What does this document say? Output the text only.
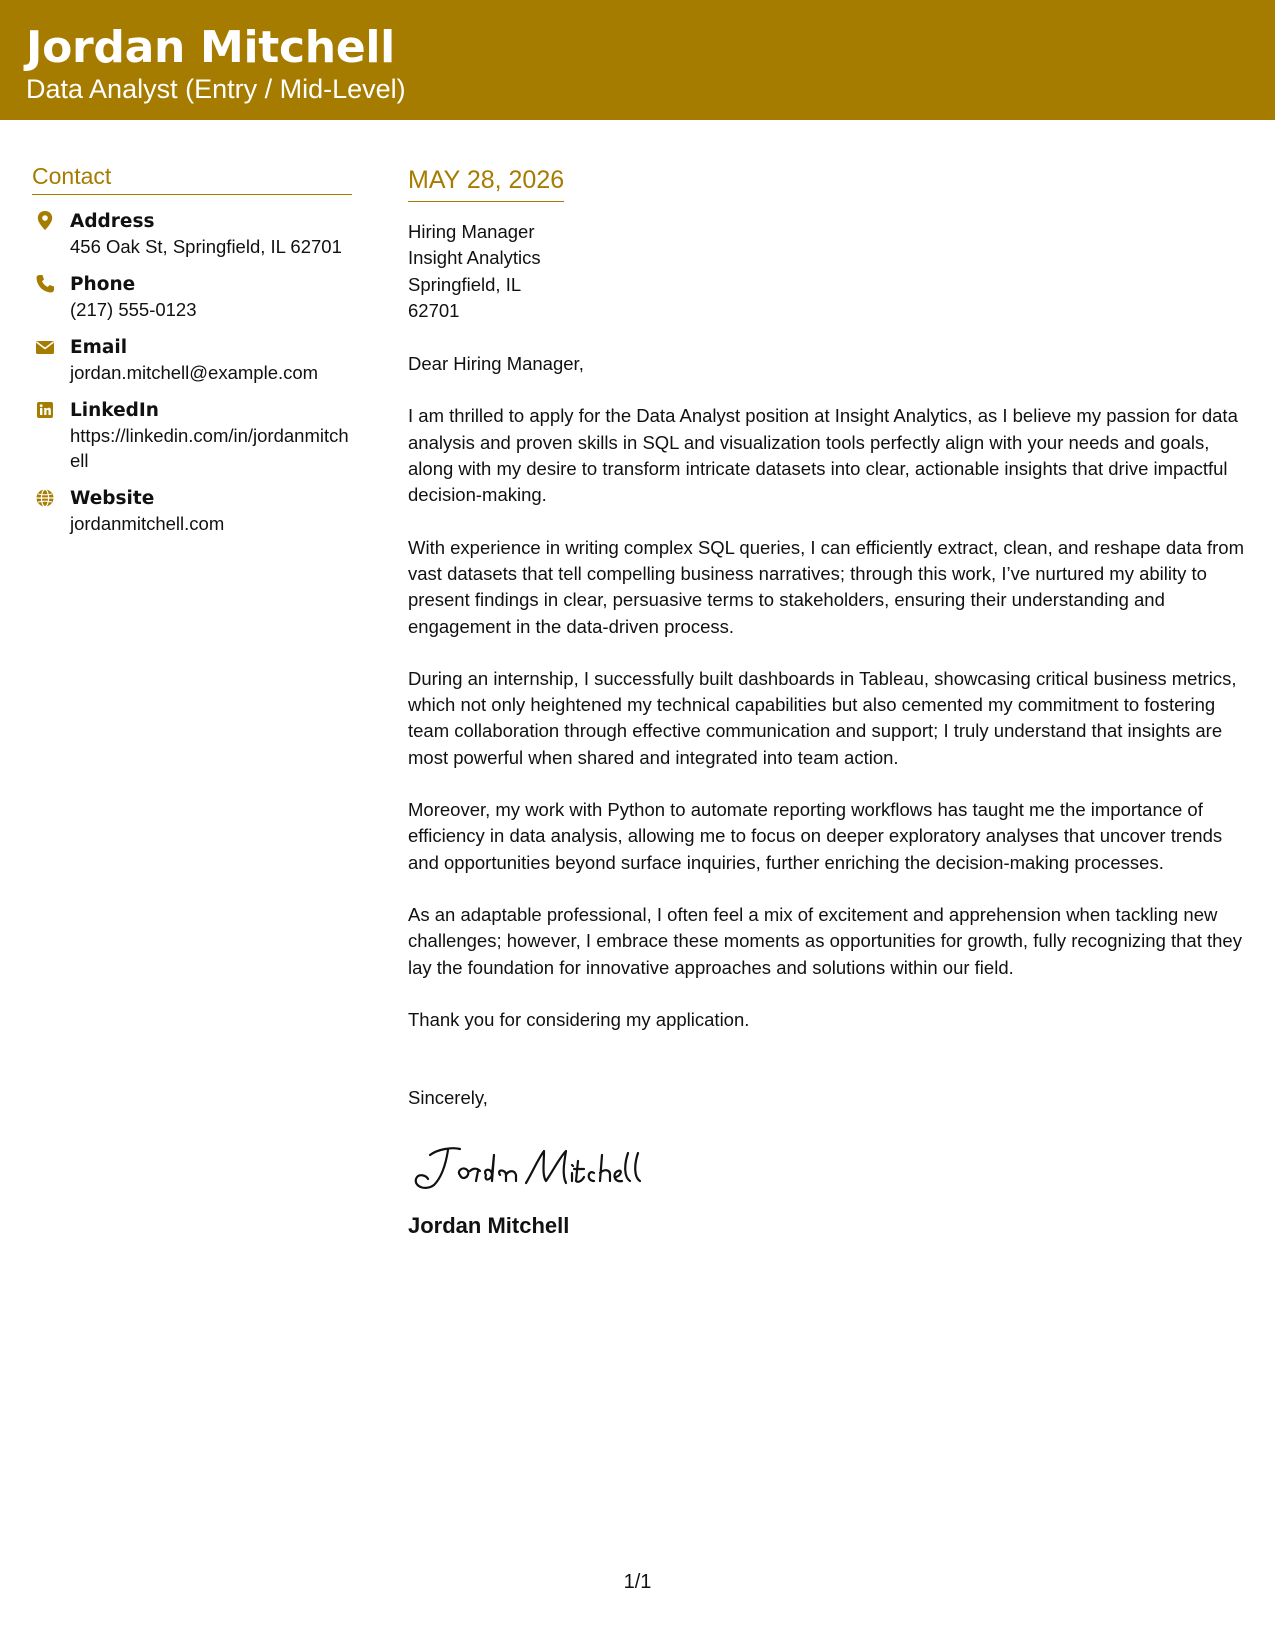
Jordan Mitchell
Data Analyst (Entry / Mid-Level)
Contact
Address
456 Oak St, Springfield, IL 62701
Phone
(217) 555-0123
Email
jordan.mitchell@example.com
LinkedIn
https://linkedin.com/in/jordanmitchell
Website
jordanmitchell.com
MAY 28, 2026
Hiring Manager
Insight Analytics
Springfield, IL
62701
Dear Hiring Manager,
I am thrilled to apply for the Data Analyst position at Insight Analytics, as I believe my passion for data analysis and proven skills in SQL and visualization tools perfectly align with your needs and goals, along with my desire to transform intricate datasets into clear, actionable insights that drive impactful decision-making.
With experience in writing complex SQL queries, I can efficiently extract, clean, and reshape data from vast datasets that tell compelling business narratives; through this work, I’ve nurtured my ability to present findings in clear, persuasive terms to stakeholders, ensuring their understanding and engagement in the data-driven process.
During an internship, I successfully built dashboards in Tableau, showcasing critical business metrics, which not only heightened my technical capabilities but also cemented my commitment to fostering team collaboration through effective communication and support; I truly understand that insights are most powerful when shared and integrated into team action.
Moreover, my work with Python to automate reporting workflows has taught me the importance of efficiency in data analysis, allowing me to focus on deeper exploratory analyses that uncover trends and opportunities beyond surface inquiries, further enriching the decision-making processes.
As an adaptable professional, I often feel a mix of excitement and apprehension when tackling new challenges; however, I embrace these moments as opportunities for growth, fully recognizing that they lay the foundation for innovative approaches and solutions within our field.
Thank you for considering my application.
Sincerely,
Jordan Mitchell
1/1
